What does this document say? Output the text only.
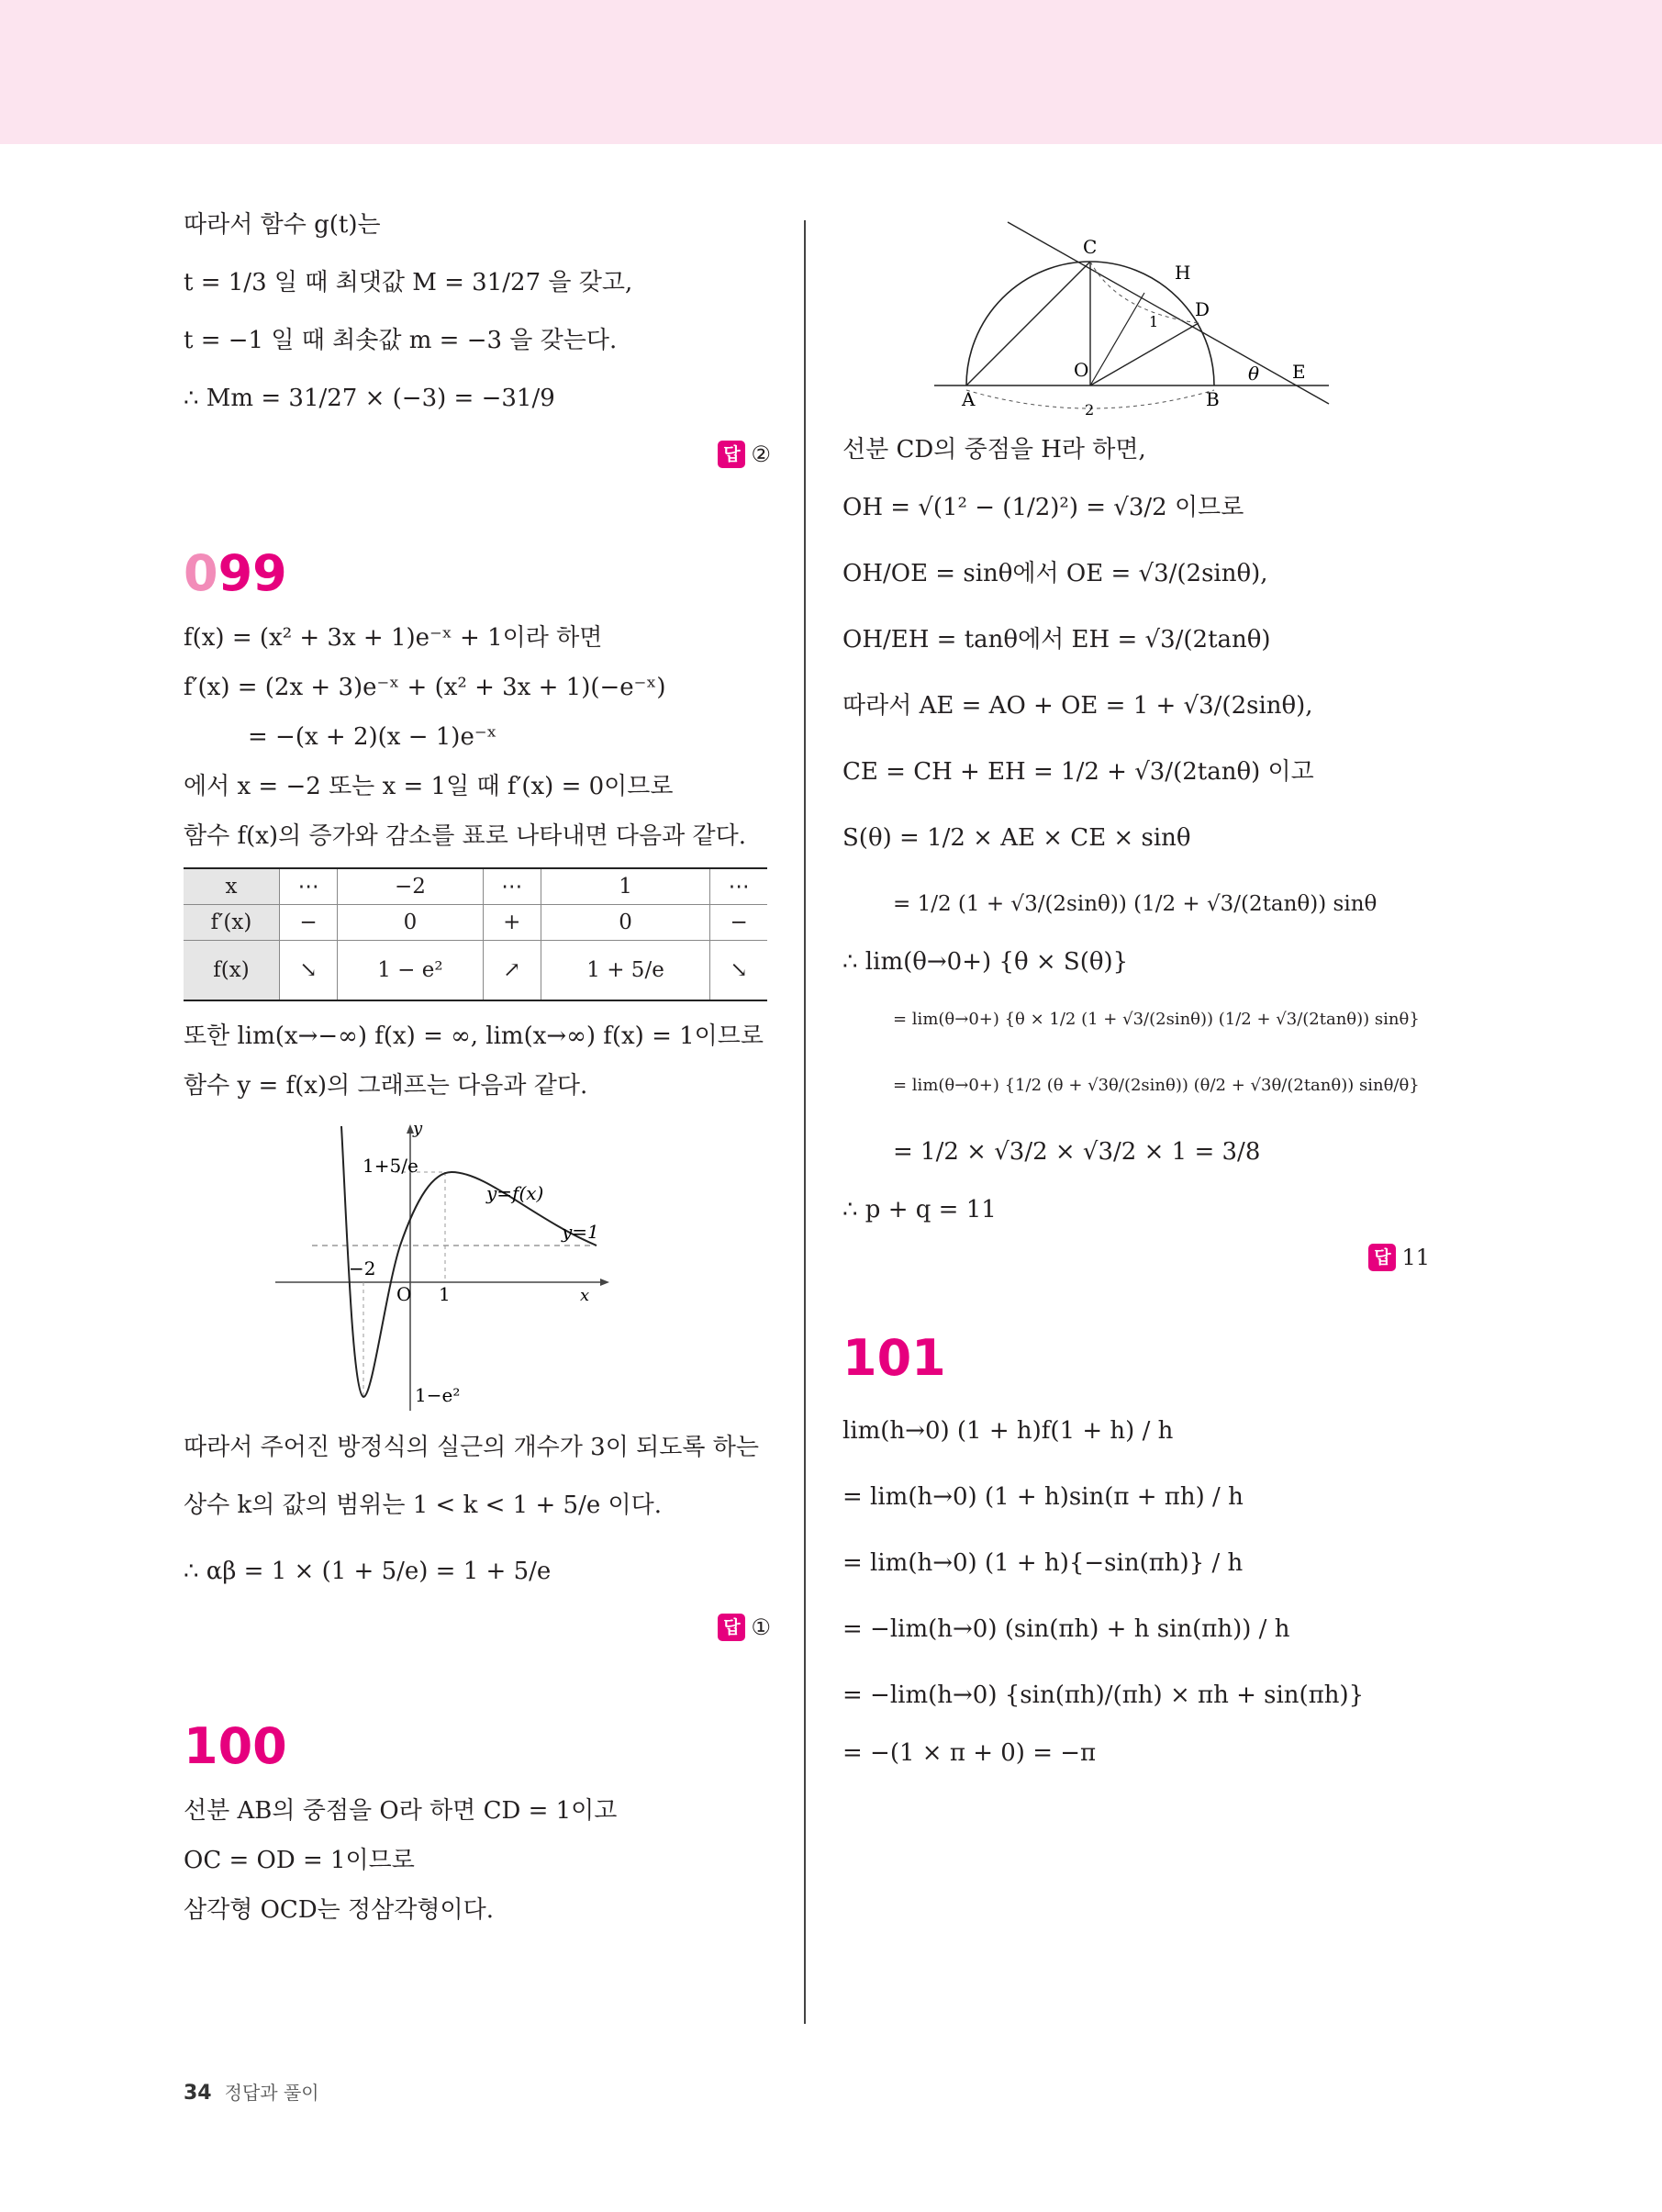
따라서 함수 g(t)는
t = 1/3 일 때 최댓값 M = 31/27 을 갖고,
t = −1 일 때 최솟값 m = −3 을 갖는다.
∴ Mm = 31/27 × (−3) = −31/9
답 ②
099
f(x) = (x² + 3x + 1)e⁻ˣ + 1이라 하면
f′(x) = (2x + 3)e⁻ˣ + (x² + 3x + 1)(−e⁻ˣ)
= −(x + 2)(x − 1)e⁻ˣ
에서 x = −2 또는 x = 1일 때 f′(x) = 0이므로
함수 f(x)의 증가와 감소를 표로 나타내면 다음과 같다.
x	⋯	−2	⋯	1	⋯
f′(x)	−	0	+	0	−
f(x)	↘	1 − e²	↗	1 + 5/e	↘
또한 lim(x→−∞) f(x) = ∞, lim(x→∞) f(x) = 1이므로
함수 y = f(x)의 그래프는 다음과 같다.
1+5/e
y
y=f(x)
y=1
−2
O 1	x
1−e²
따라서 주어진 방정식의 실근의 개수가 3이 되도록 하는
상수 k의 값의 범위는 1 < k < 1 + 5/e 이다.
∴ αβ = 1 × (1 + 5/e) = 1 + 5/e
답 ①
100
선분 AB의 중점을 O라 하면 CD = 1이고
OC = OD = 1이므로
삼각형 OCD는 정삼각형이다.
C
H
D
1
O	θ E
A	B
2
선분 CD의 중점을 H라 하면,
OH = √(1² − (1/2)²) = √3/2 이므로
OH/OE = sinθ에서 OE = √3/(2sinθ),
OH/EH = tanθ에서 EH = √3/(2tanθ)
따라서 AE = AO + OE = 1 + √3/(2sinθ),
CE = CH + EH = 1/2 + √3/(2tanθ) 이고
S(θ) = 1/2 × AE × CE × sinθ
= 1/2 (1 + √3/(2sinθ)) (1/2 + √3/(2tanθ)) sinθ
∴ lim(θ→0+) {θ × S(θ)}
= lim(θ→0+) {θ × 1/2 (1 + √3/(2sinθ)) (1/2 + √3/(2tanθ)) sinθ}
= lim(θ→0+) {1/2 (θ + √3θ/(2sinθ)) (θ/2 + √3θ/(2tanθ)) sinθ/θ}
= 1/2 × √3/2 × √3/2 × 1 = 3/8
∴ p + q = 11
답 11
101
lim(h→0) (1 + h)f(1 + h) / h
= lim(h→0) (1 + h)sin(π + πh) / h
= lim(h→0) (1 + h){−sin(πh)} / h
= −lim(h→0) (sin(πh) + h sin(πh)) / h
= −lim(h→0) {sin(πh)/(πh) × πh + sin(πh)}
= −(1 × π + 0) = −π
34 정답과 풀이
